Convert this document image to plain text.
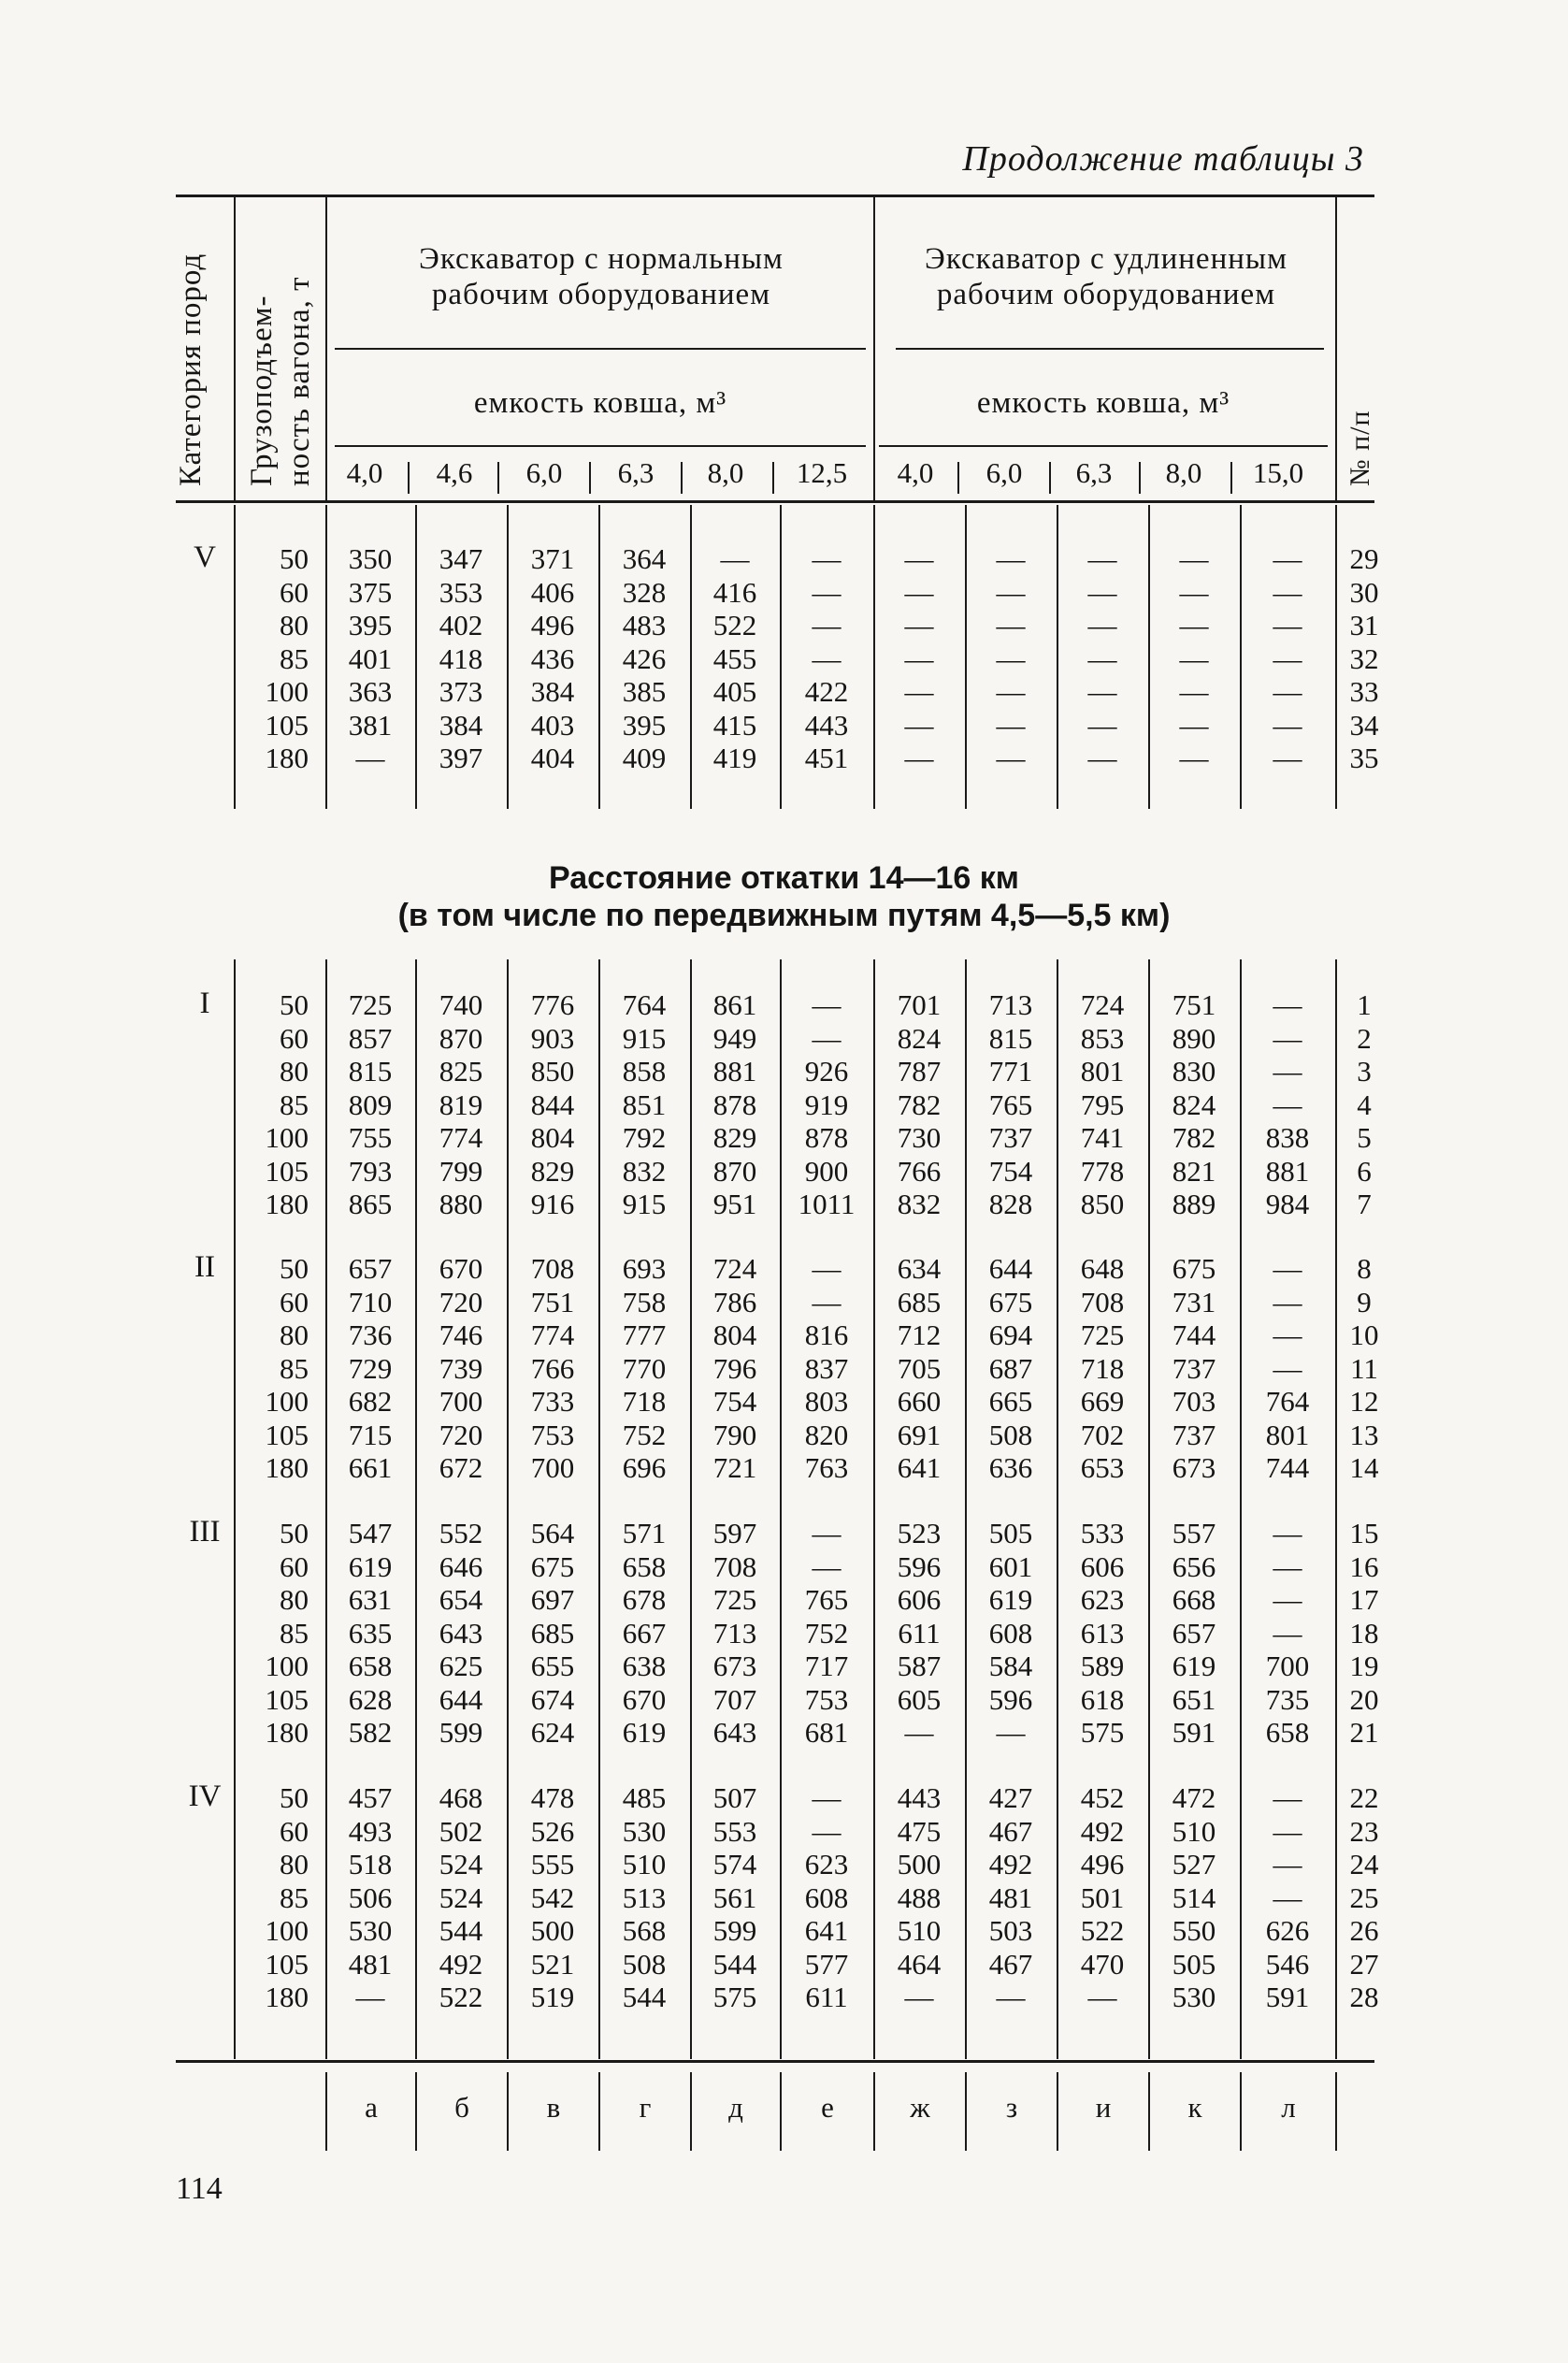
Продолжение таблицы 3
Категория пород Грузоподъем- ность вагона, т	№ п/п
Экскаватор с нормальным рабочим оборудованием
Экскаватор с удлиненным рабочим оборудованием
емкость ковша, м³	емкость ковша, м³
4,0	4,6	6,0	6,3	8,0	12,5	4,0	6,0	6,3	8,0	15,0
Расстояние откатки 14—16 км
(в том числе по передвижным путям 4,5—5,5 км)
а	б	в	г	д	е	ж	з	и	к	л
114
V	50	350	347	371	364	—	—	—	—	—	—	—	29
60	375	353	406	328	416	—	—	—	—	—	—	30
80	395	402	496	483	522	—	—	—	—	—	—	31
85	401	418	436	426	455	—	—	—	—	—	—	32
100	363	373	384	385	405	422	—	—	—	—	—	33
105	381	384	403	395	415	443	—	—	—	—	—	34
180	—	397	404	409	419	451	—	—	—	—	—	35
I	50	725	740	776	764	861	—	701	713	724	751	—	1
60	857	870	903	915	949	—	824	815	853	890	—	2
80	815	825	850	858	881	926	787	771	801	830	—	3
85	809	819	844	851	878	919	782	765	795	824	—	4
100	755	774	804	792	829	878	730	737	741	782	838	5
105	793	799	829	832	870	900	766	754	778	821	881	6
180	865	880	916	915	951	1011	832	828	850	889	984	7
II	50	657	670	708	693	724	—	634	644	648	675	—	8
60	710	720	751	758	786	—	685	675	708	731	—	9
80	736	746	774	777	804	816	712	694	725	744	—	10
85	729	739	766	770	796	837	705	687	718	737	—	11
100	682	700	733	718	754	803	660	665	669	703	764	12
105	715	720	753	752	790	820	691	508	702	737	801	13
180	661	672	700	696	721	763	641	636	653	673	744	14
III	50	547	552	564	571	597	—	523	505	533	557	—	15
60	619	646	675	658	708	—	596	601	606	656	—	16
80	631	654	697	678	725	765	606	619	623	668	—	17
85	635	643	685	667	713	752	611	608	613	657	—	18
100	658	625	655	638	673	717	587	584	589	619	700	19
105	628	644	674	670	707	753	605	596	618	651	735	20
180	582	599	624	619	643	681	—	—	575	591	658	21
IV	50	457	468	478	485	507	—	443	427	452	472	—	22
60	493	502	526	530	553	—	475	467	492	510	—	23
80	518	524	555	510	574	623	500	492	496	527	—	24
85	506	524	542	513	561	608	488	481	501	514	—	25
100	530	544	500	568	599	641	510	503	522	550	626	26
105	481	492	521	508	544	577	464	467	470	505	546	27
180	—	522	519	544	575	611	—	—	—	530	591	28
